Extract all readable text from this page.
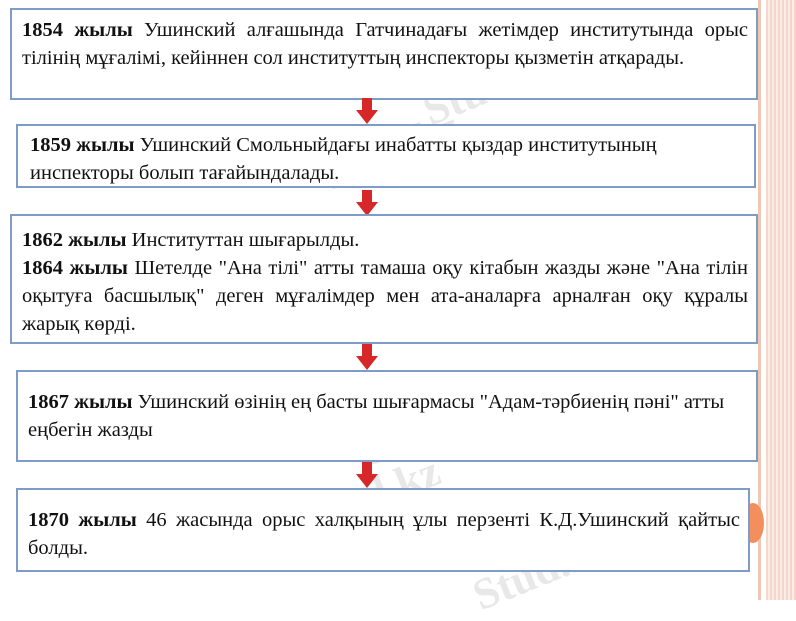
1854 жылы Ушинский алғашында Гатчинадағы жетімдер институтында орыс тілінің мұғалімі, кейіннен сол институттың инспекторы қызметін атқарады.

1859 жылы Ушинский Смольныйдағы инабатты қыздар институтының инспекторы болып тағайындалады.

1862 жылы Институттан шығарылды.

1864 жылы Шетелде "Ана тілі" атты тамаша оқу кітабын жазды және "Ана тілін оқытуға басшылық" деген мұғалімдер мен ата-аналарға арналған оқу құралы жарық көрді.

1867 жылы Ушинский өзінің ең басты шығармасы "Адам-тәрбиенің пәні" атты еңбегін жазды

1870 жылы 46 жасында орыс халқының ұлы перзенті К.Д.Ушинский қайтыс болды.
